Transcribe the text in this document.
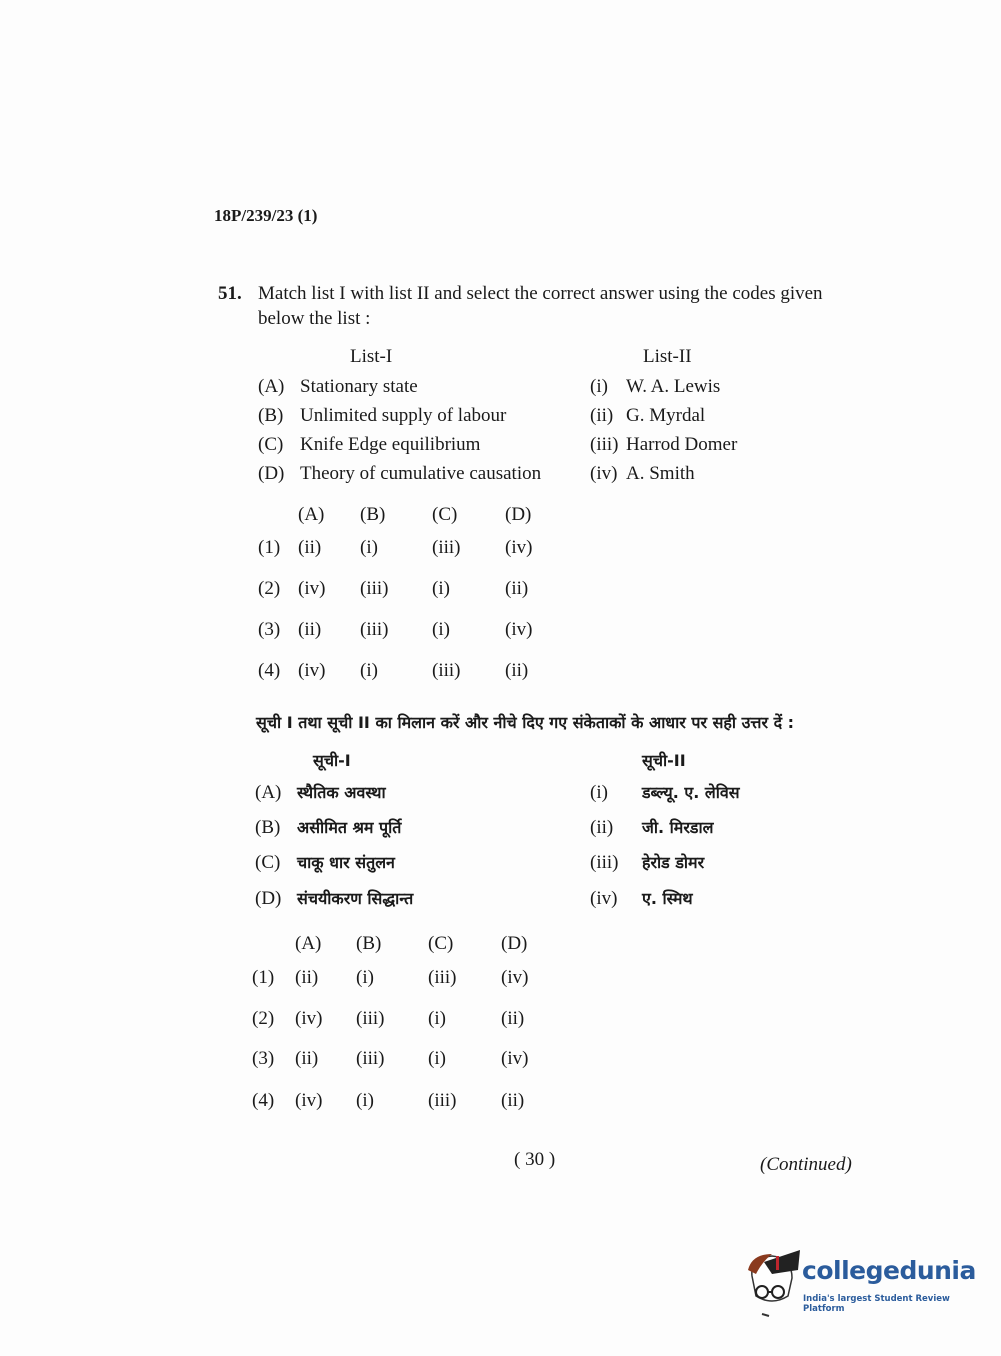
18P/239/23 (1)
51. Match list I with list II and select the correct answer using the codes given
below the list :
List-I	List-II
(A) Stationary state	(i) W. A. Lewis
(B) Unlimited supply of labour	(ii) G. Myrdal
(C) Knife Edge equilibrium	(iii) Harrod Domer
(D) Theory of cumulative causation	(iv) A. Smith
(A) (B) (C)	(D)
(1) (ii) (i)	(iii) (iv)
(2) (iv) (iii) (i)	(ii)
(3) (ii) (iii) (i)	(iv)
(4) (iv) (i)	(iii) (ii)
सूची I तथा सूची II का मिलान करें और नीचे दिए गए संकेताकों के आधार पर सही उत्तर दें :
सूची-I	सूची-II
(A) स्थैतिक अवस्था	(i) डब्ल्यू. ए. लेविस
(B) असीमित श्रम पूर्ति	(ii) जी. मिरडाल
(C) चाकू धार संतुलन	(iii) हेरोड डोमर
(D) संचयीकरण सिद्धान्त	(iv) ए. स्मिथ
(A) (B) (C)	(D)
(1) (ii) (i)	(iii) (iv)
(2) (iv) (iii) (i)	(ii)
(3) (ii) (iii) (i)	(iv)
(4) (iv) (i)	(iii) (ii)
( 30 )	(Continued)
collegedunia
India's largest Student Review Platform
